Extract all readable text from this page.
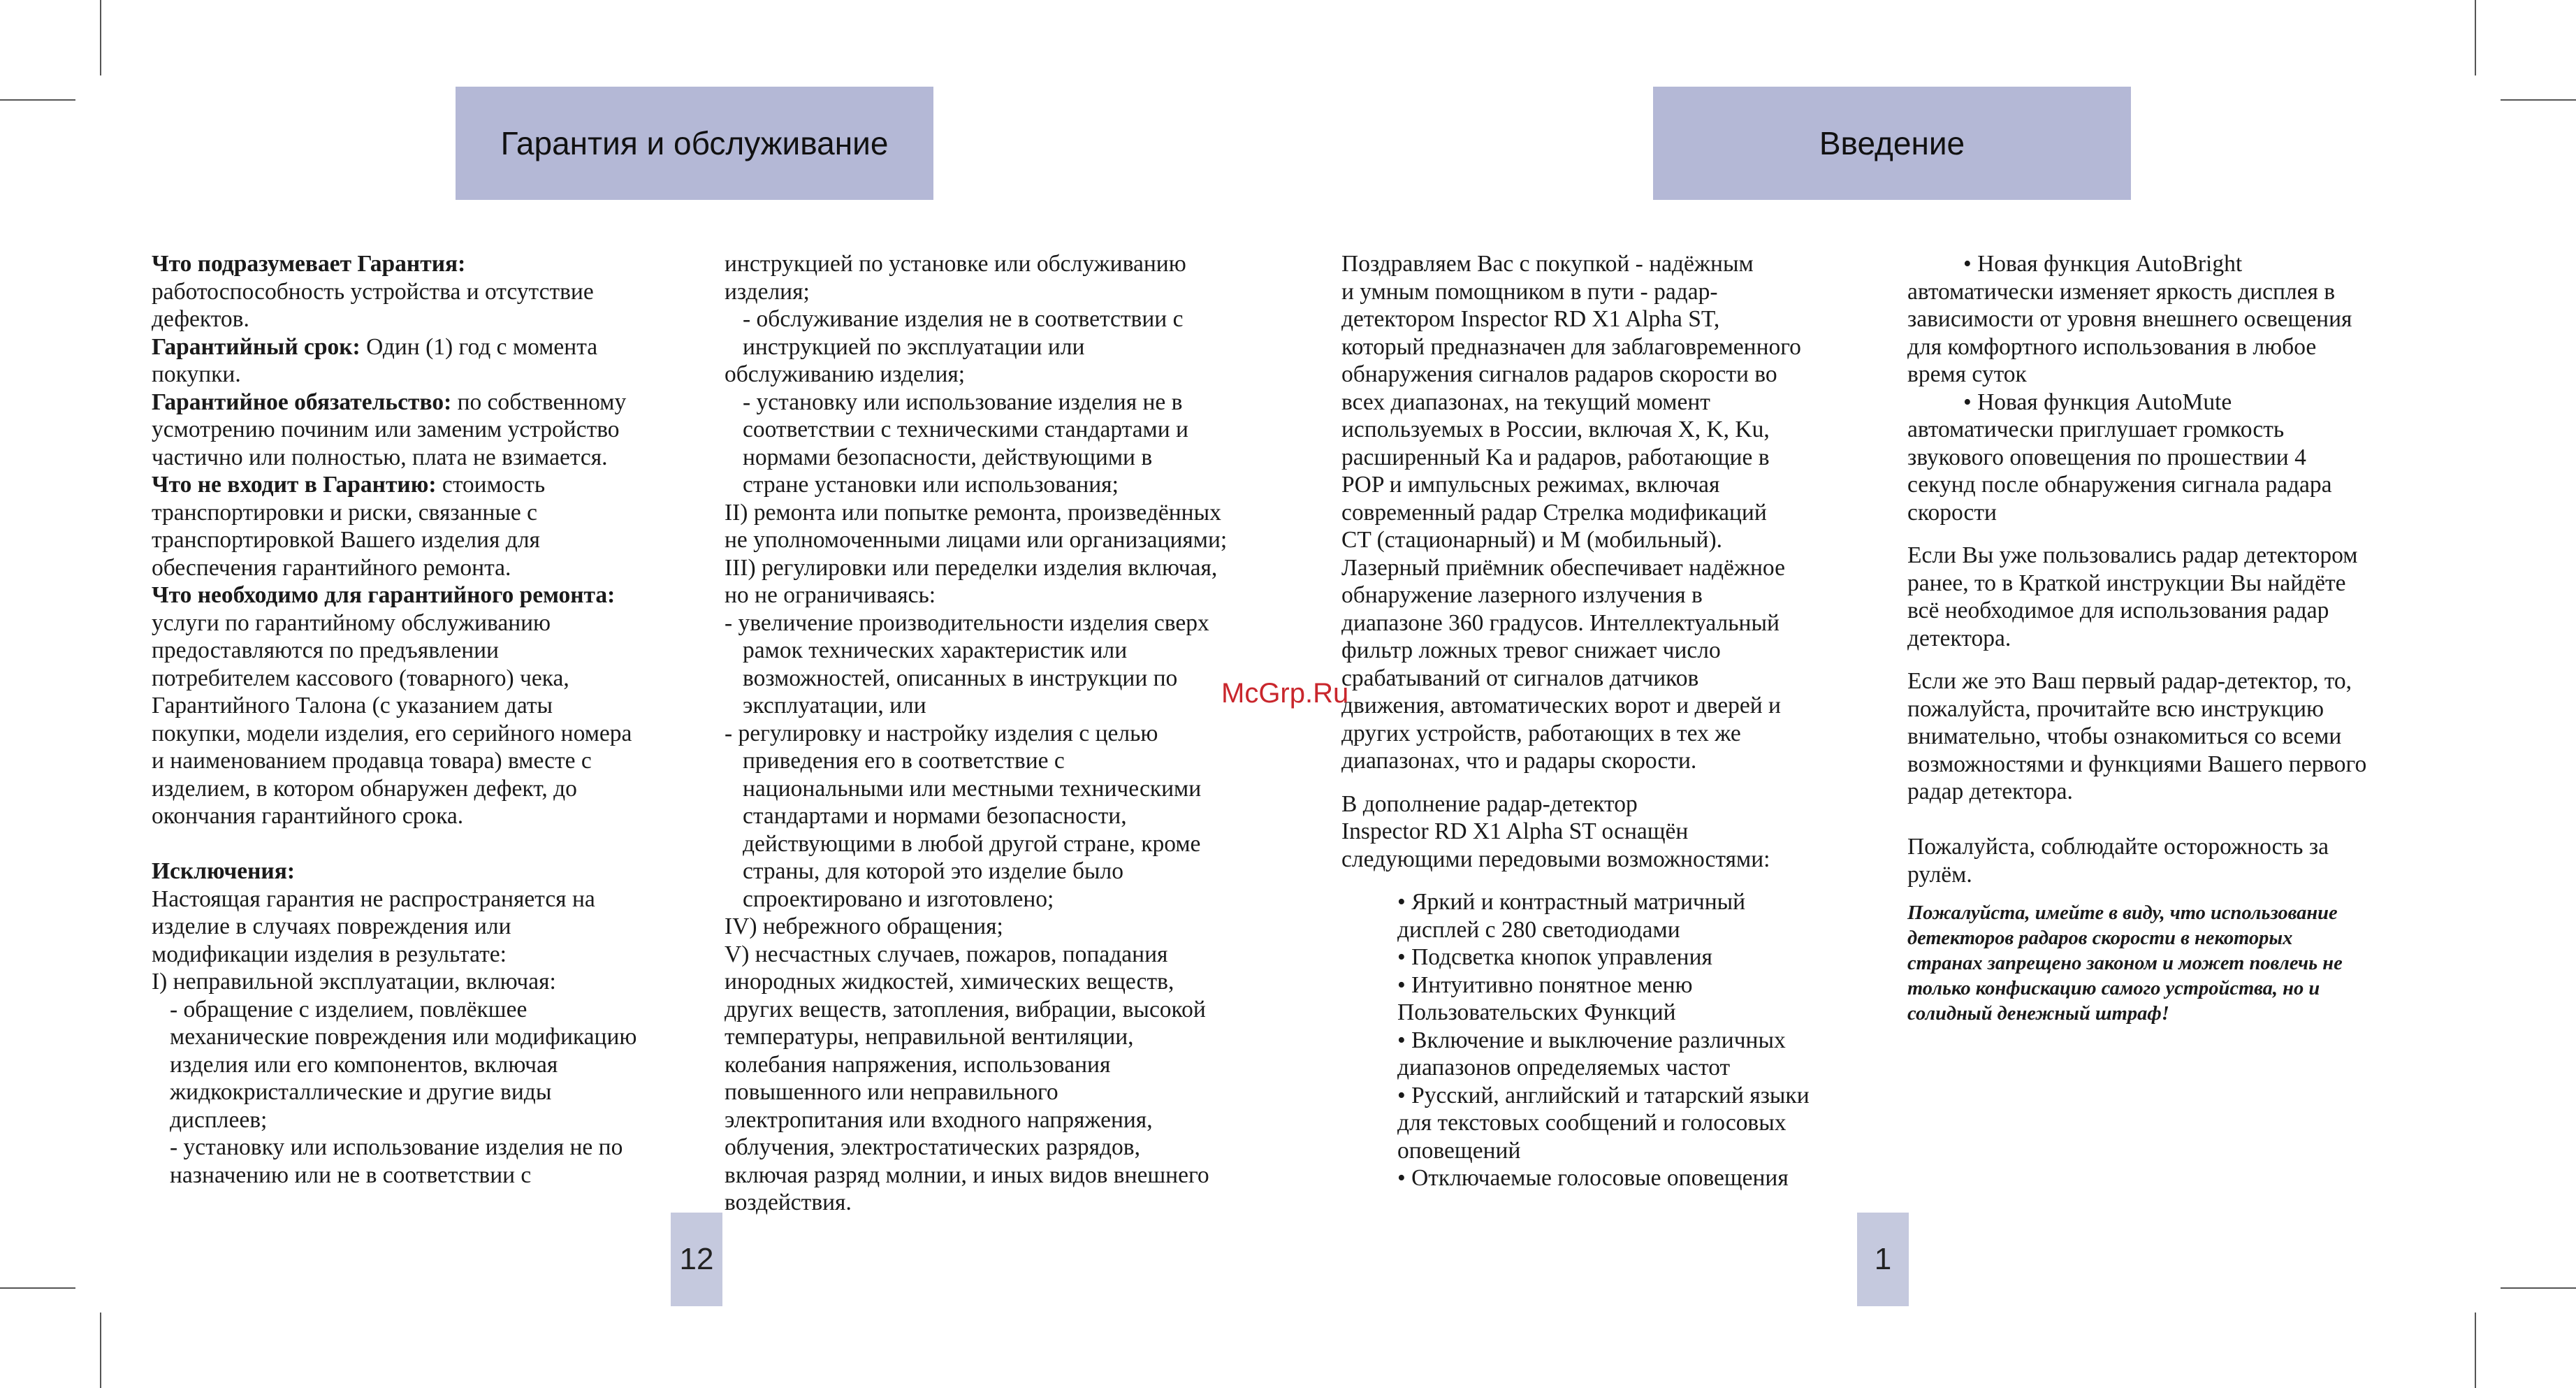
Гарантия и обслуживание	Введение

Что подразумевает Гарантия:

работоспособность устройства и отсутствие

дефектов.

Гарантийный срок: Один (1) год с момента

покупки.

Гарантийное обязательство: по собственному

усмотрению починим или заменим устройство

частично или полностью, плата не взимается.

Что не входит в Гарантию: стоимость

транспортировки и риски, связанные с

транспортировкой Вашего изделия для

обеспечения гарантийного ремонта.

Что необходимо для гарантийного ремонта:

услуги по гарантийному обслуживанию

предоставляются по предъявлении

потребителем кассового (товарного) чека,

Гарантийного Талона (с указанием даты

покупки, модели изделия, его серийного номера

и наименованием продавца товара) вместе с

изделием, в котором обнаружен дефект, до

окончания гарантийного срока.

Исключения:

Настоящая гарантия не распространяется на

изделие в случаях повреждения или

модификации изделия в результате:

I) неправильной эксплуатации, включая:

- обращение с изделием, повлёкшее

механические повреждения или модификацию

изделия или его компонентов, включая

жидкокристаллические и другие виды

дисплеев;

- установку или использование изделия не по

назначению или не в соответствии с

инструкцией по установке или обслуживанию

изделия;

- обслуживание изделия не в соответствии с

инструкцией по эксплуатации или

обслуживанию изделия;

- установку или использование изделия не в

соответствии с техническими стандартами и

нормами безопасности, действующими в

стране установки или использования;

II) ремонта или попытке ремонта, произведённых

не уполномоченными лицами или организациями;

III) регулировки или переделки изделия включая,

но не ограничиваясь:

- увеличение производительности изделия сверх

рамок технических характеристик или

возможностей, описанных в инструкции по

эксплуатации, или

- регулировку и настройку изделия с целью

приведения его в соответствие с

национальными или местными техническими

стандартами и нормами безопасности,

действующими в любой другой стране, кроме

страны, для которой это изделие было

спроектировано и изготовлено;

IV) небрежного обращения;

V) несчастных случаев, пожаров, попадания

инородных жидкостей, химических веществ,

других веществ, затопления, вибрации, высокой

температуры, неправильной вентиляции,

колебания напряжения, использования

повышенного или неправильного

электропитания или входного напряжения,

облучения, электростатических разрядов,

включая разряд молнии, и иных видов внешнего

воздействия.

Поздравляем Вас с покупкой - надёжным

и умным помощником в пути - радар-

детектором Inspector RD X1 Alpha ST,

который предназначен для заблаговременного

обнаружения сигналов радаров скорости во

всех диапазонах, на текущий момент

используемых в России, включая X, K, Ku,

расширенный Ka и радаров, работающие в

POP и импульсных режимах, включая

современный радар Стрелка модификаций

CT (стационарный) и M (мобильный).

Лазерный приёмник обеспечивает надёжное

обнаружение лазерного излучения в

диапазоне 360 градусов. Интеллектуальный

фильтр ложных тревог снижает число

срабатываний от сигналов датчиков

движения, автоматических ворот и дверей и

других устройств, работающих в тех же

диапазонах, что и радары скорости.

В дополнение радар-детектор

Inspector RD X1 Alpha ST оснащён

следующими передовыми возможностями:

• Яркий и контрастный матричный

дисплей с 280 светодиодами

• Подсветка кнопок управления

• Интуитивно понятное меню

Пользовательских Функций

• Включение и выключение различных

диапазонов определяемых частот

• Русский, английский и татарский языки

для текстовых сообщений и голосовых

оповещений

• Отключаемые голосовые оповещения

• Новая функция AutoBright

автоматически изменяет яркость дисплея в

зависимости от уровня внешнего освещения

для комфортного использования в любое

время суток

• Новая функция AutoMute

автоматически приглушает громкость

звукового оповещения по прошествии 4

секунд после обнаружения сигнала радара

скорости

Если Вы уже пользовались радар детектором

ранее, то в Краткой инструкции Вы найдёте

всё необходимое для использования радар

детектора.

Если же это Ваш первый радар-детектор, то,

пожалуйста, прочитайте всю инструкцию

внимательно, чтобы ознакомиться со всеми

возможностями и функциями Вашего первого

радар детектора.

Пожалуйста, соблюдайте осторожность за

рулём.

Пожалуйста, имейте в виду, что использование

детекторов радаров скорости в некоторых

странах запрещено законом и может повлечь не

только конфискацию самого устройства, но и

солидный денежный штраф!

12	1
McGrp.Ru
